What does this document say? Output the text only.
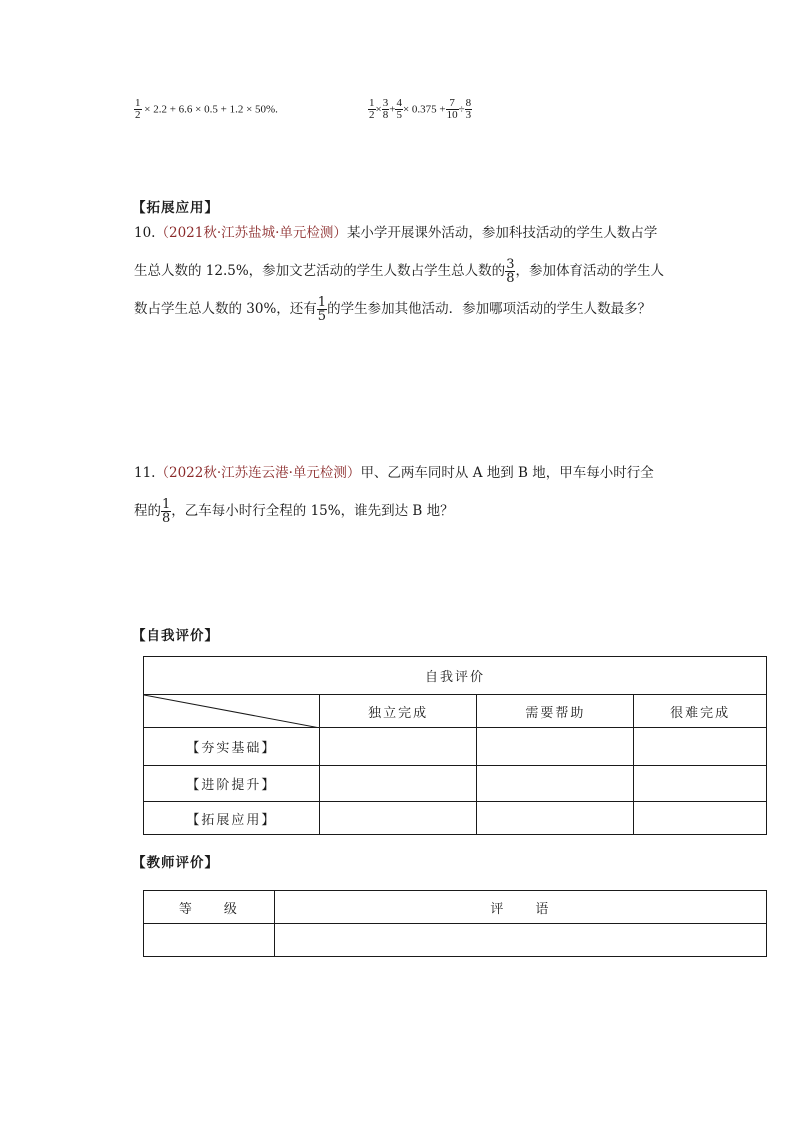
$\frac{1}{2} \times 2.2 + 6.6 \times 0.5 + 1.2 \times 50\%$.	$\frac{1}{2} \times \frac{3}{8} + \frac{4}{5} \times 0.375 + \frac{7}{10} \div \frac{8}{3}$
【拓展应用】
10.（2021秋·江苏盐城·单元检测）某小学开展课外活动，参加科技活动的学生人数占学生总人数的 12.5%，参加文艺活动的学生人数占学生总人数的 $\frac{3}{8}$ ，参加体育活动的学生人数占学生总人数的 30%，还有 $\frac{1}{5}$ 的学生参加其他活动．参加哪项活动的学生人数最多？
11.（2022秋·江苏连云港·单元检测）甲、乙两车同时从 A 地到 B 地，甲车每小时行全程的 $\frac{1}{8}$ ，乙车每小时行全程的 15%，谁先到达 B 地？
【自我评价】
自我评价			

	独立完成	需要帮助	很难完成
【夯实基础】			
【进阶提升】			
【拓展应用】			
【教师评价】
等　　级	评　　语
